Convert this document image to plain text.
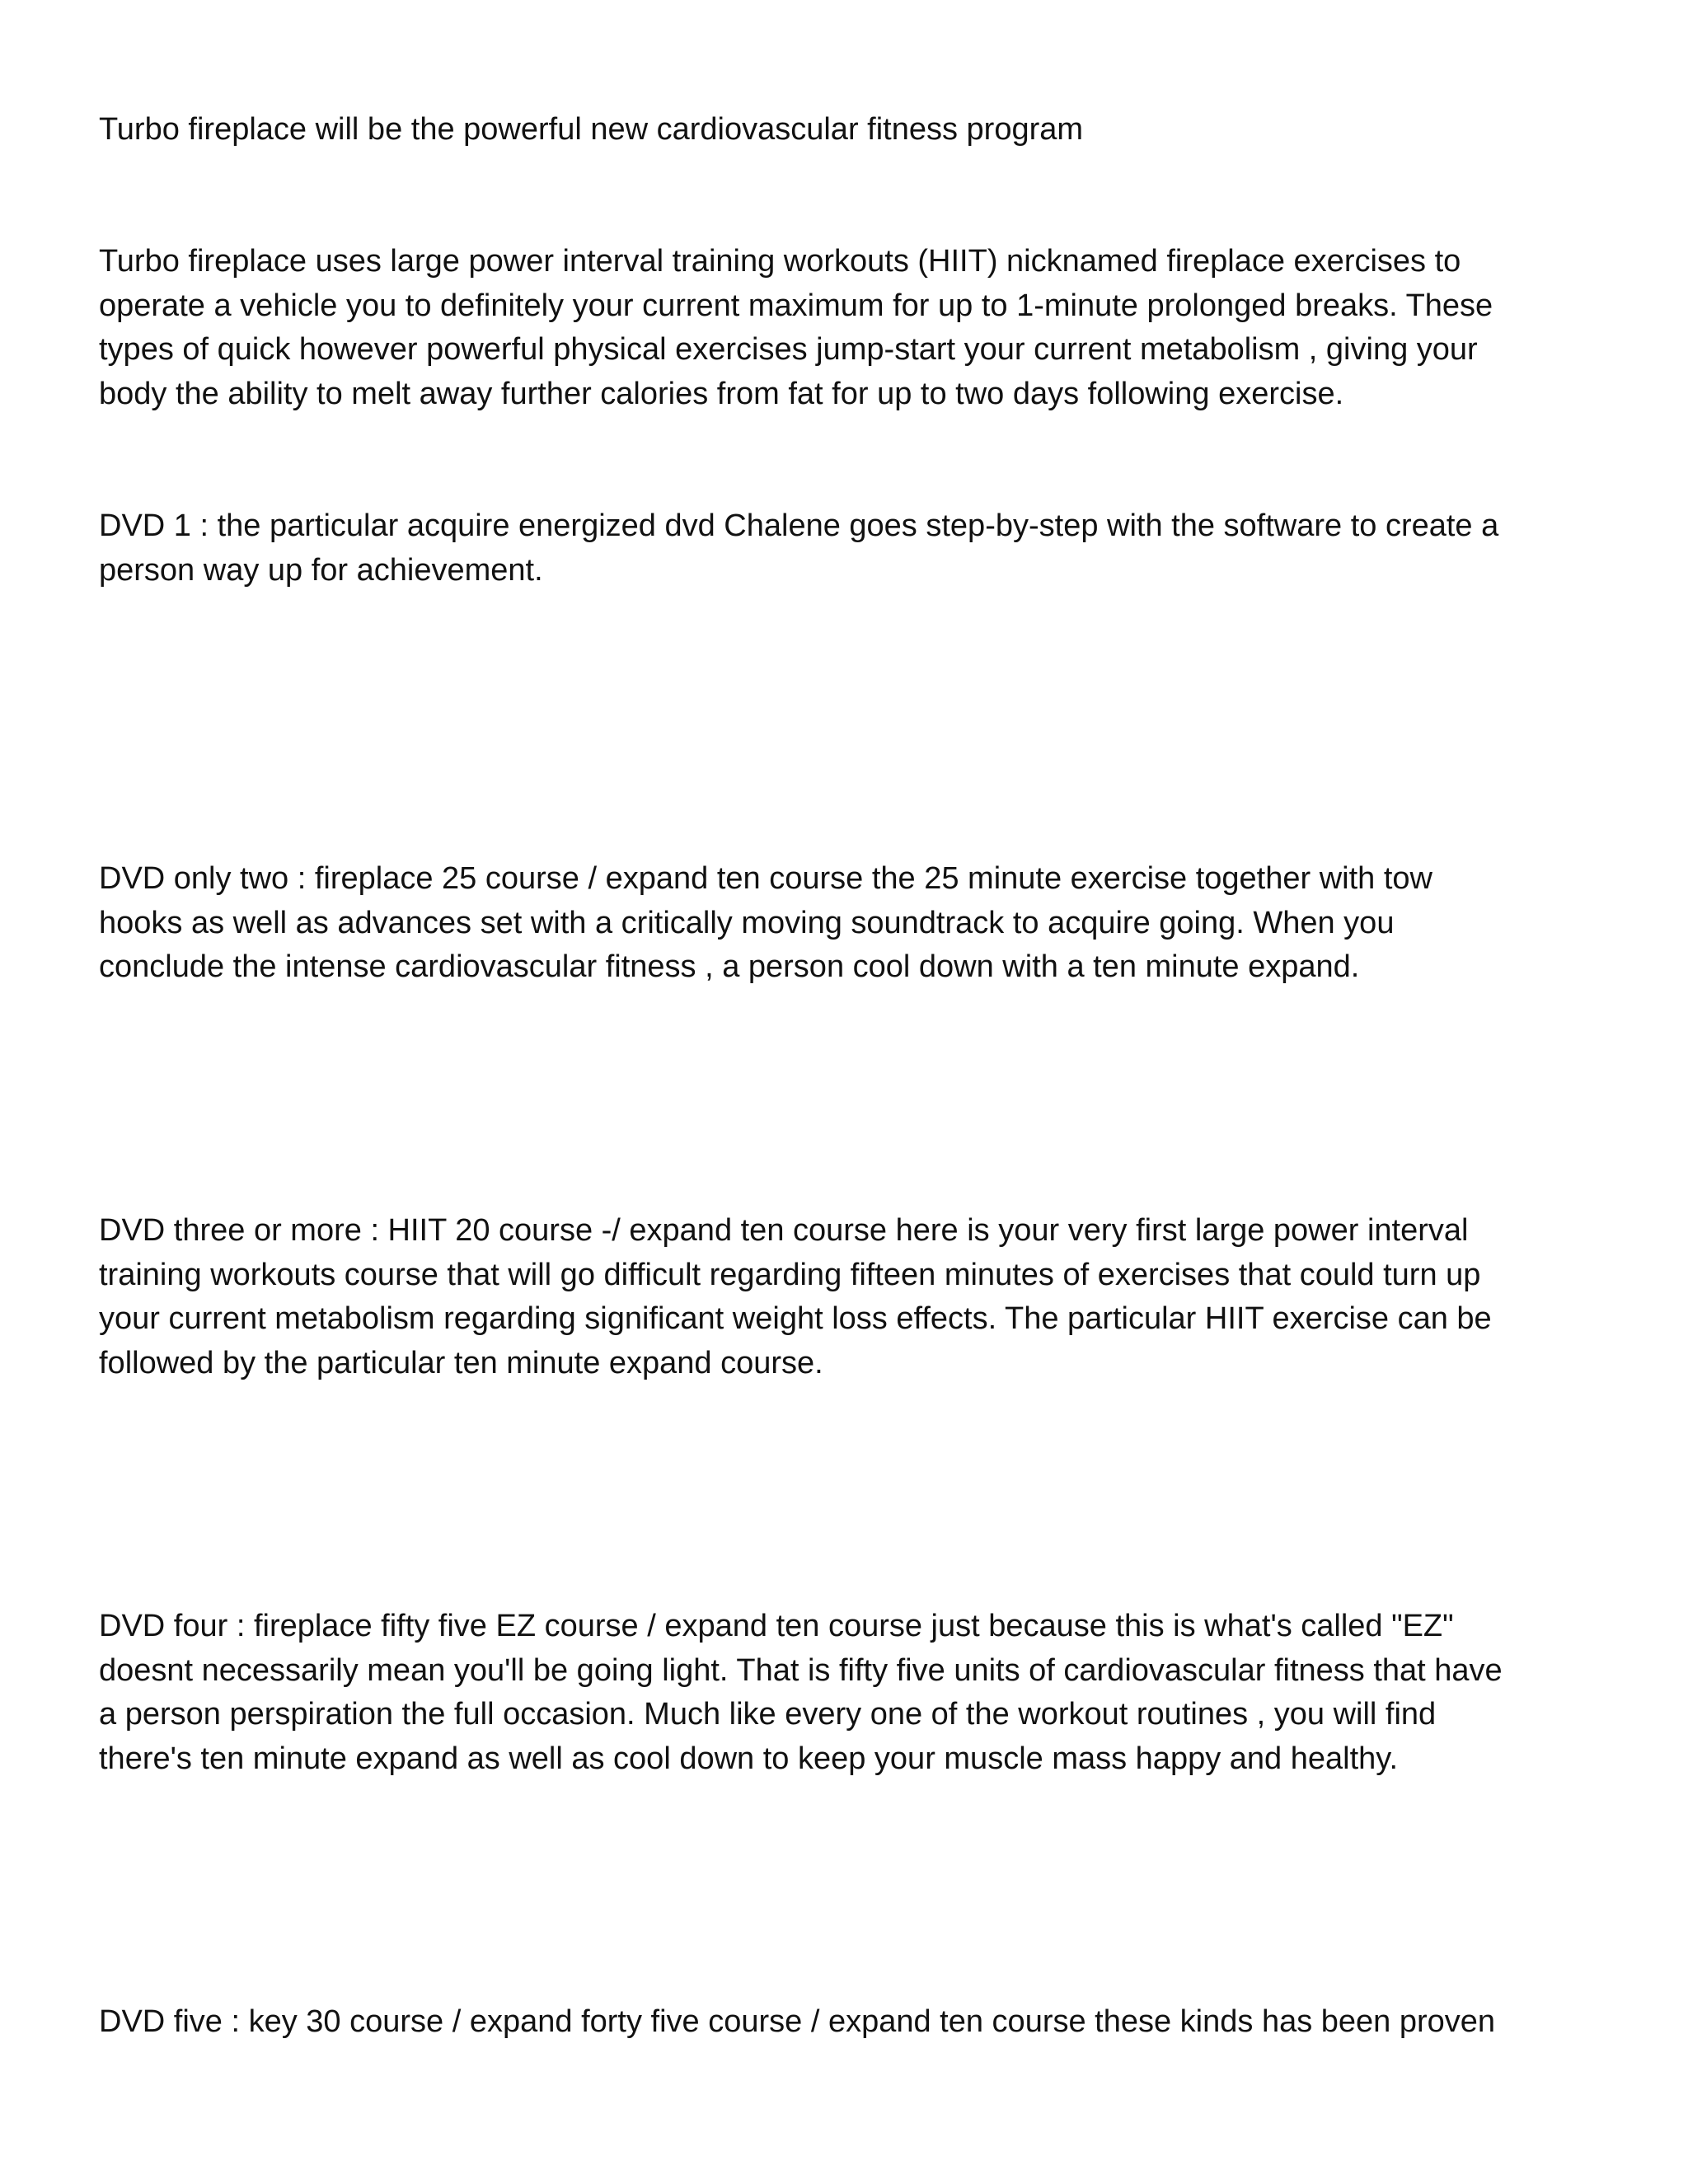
Turbo fireplace will be the powerful new cardiovascular fitness program

Turbo fireplace uses large power interval training workouts (HIIT) nicknamed fireplace exercises to
operate a vehicle you to definitely your current maximum for up to 1-minute prolonged breaks. These
types of quick however powerful physical exercises jump-start your current metabolism , giving your
body the ability to melt away further calories from fat for up to two days following exercise.

DVD 1 : the particular acquire energized dvd Chalene goes step-by-step with the software to create a
person way up for achievement.

DVD only two : fireplace 25 course / expand ten course the 25 minute exercise together with tow
hooks as well as advances set with a critically moving soundtrack to acquire going. When you
conclude the intense cardiovascular fitness , a person cool down with a ten minute expand.

DVD three or more : HIIT 20 course -/ expand ten course here is your very first large power interval
training workouts course that will go difficult regarding fifteen minutes of exercises that could turn up
your current metabolism regarding significant weight loss effects. The particular HIIT exercise can be
followed by the particular ten minute expand course.

DVD four : fireplace fifty five EZ course / expand ten course just because this is what's called "EZ"
doesnt necessarily mean you'll be going light. That is fifty five units of cardiovascular fitness that have
a person perspiration the full occasion. Much like every one of the workout routines , you will find
there's ten minute expand as well as cool down to keep your muscle mass happy and healthy.

DVD five : key 30 course / expand forty five course / expand ten course these kinds has been proven
